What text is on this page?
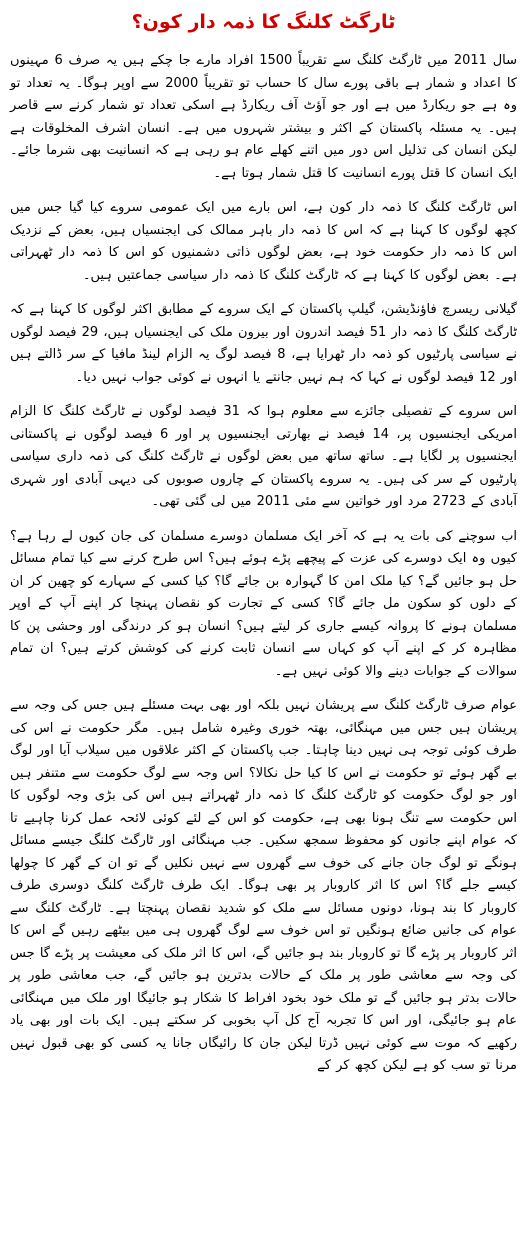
ٹارگٹ کلنگ کا ذمہ دار کون؟

سال 2011 میں ٹارگٹ کلنگ سے تقریباً 1500 افراد مارے جا چکے ہیں یہ صرف 6 مہینوں کا اعداد و شمار ہے باقی پورے سال کا حساب تو تقریباً 2000 سے اوپر ہوگا۔ یہ تعداد تو وہ ہے جو ریکارڈ میں ہے اور جو آؤٹ آف ریکارڈ ہے اسکی تعداد تو شمار کرنے سے قاصر ہیں۔ یہ مسئلہ پاکستان کے اکثر و بیشتر شہروں میں ہے۔ انسان اشرف المخلوقات ہے لیکن انسان کی تذلیل اس دور میں اتنے کھلے عام ہو رہی ہے کہ انسانیت بھی شرما جائے۔ ایک انسان کا قتل پورے انسانیت کا قتل شمار ہوتا ہے۔

اس ٹارگٹ کلنگ کا ذمہ دار کون ہے، اس بارے میں ایک عمومی سروے کیا گیا جس میں کچھ لوگوں کا کہنا ہے کہ اس کا ذمہ دار باہر ممالک کی ایجنسیاں ہیں، بعض کے نزدیک اس کا ذمہ دار حکومت خود ہے، بعض لوگوں ذاتی دشمنیوں کو اس کا ذمہ دار ٹھہراتی ہے۔ بعض لوگوں کا کہنا ہے کہ ٹارگٹ کلنگ کا ذمہ دار سیاسی جماعتیں ہیں۔

گیلانی ریسرچ فاؤنڈیشن، گیلپ پاکستان کے ایک سروے کے مطابق اکثر لوگوں کا کہنا ہے کہ ٹارگٹ کلنگ کا ذمہ دار 51 فیصد اندرون اور بیرون ملک کی ایجنسیاں ہیں، 29 فیصد لوگوں نے سیاسی پارٹیوں کو ذمہ دار ٹھرایا ہے، 8 فیصد لوگ یہ الزام لینڈ مافیا کے سر ڈالتے ہیں اور 12 فیصد لوگوں نے کہا کہ ہم نہیں جانتے یا انہوں نے کوئی جواب نہیں دیا۔

اس سروے کے تفصیلی جائزے سے معلوم ہوا کہ 31 فیصد لوگوں نے ٹارگٹ کلنگ کا الزام امریکی ایجنسیوں پر، 14 فیصد نے بھارتی ایجنسیوں پر اور 6 فیصد لوگوں نے پاکستانی ایجنسیوں پر لگایا ہے۔ ساتھ ساتھ میں بعض لوگوں نے ٹارگٹ کلنگ کی ذمہ داری سیاسی پارٹیوں کے سر کی ہیں۔ یہ سروے پاکستان کے چاروں صوبوں کی دیہی آبادی اور شہری آبادی کے 2723 مرد اور خواتین سے مئی 2011 میں لی گئی تھی۔

اب سوچنے کی بات یہ ہے کہ آخر ایک مسلمان دوسرے مسلمان کی جان کیوں لے رہا ہے؟ کیوں وہ ایک دوسرے کی عزت کے پیچھے پڑے ہوئے ہیں؟ اس طرح کرنے سے کیا تمام مسائل حل ہو جائیں گے؟ کیا ملک امن کا گہوارہ بن جائے گا؟ کیا کسی کے سہارے کو چھین کر ان کے دلوں کو سکون مل جائے گا؟ کسی کے تجارت کو نقصان پہنچا کر اپنے آپ کے اوپر مسلمان ہونے کا پروانہ کیسے جاری کر لیتے ہیں؟ انسان ہو کر درندگی اور وحشی پن کا مظاہرہ کر کے اپنے آپ کو کہاں سے انسان ثابت کرنے کی کوشش کرتے ہیں؟ ان تمام سوالات کے جوابات دینے والا کوئی نہیں ہے۔

عوام صرف ٹارگٹ کلنگ سے پریشان نہیں بلکہ اور بھی بہت مسئلے ہیں جس کی وجہ سے پریشان ہیں جس میں مہنگائی، بھتہ خوری وغیرہ شامل ہیں۔ مگر حکومت نے اس کی طرف کوئی توجہ ہی نہیں دینا چاہتا۔ جب پاکستان کے اکثر علاقوں میں سیلاب آیا اور لوگ بے گھر ہوئے تو حکومت نے اس کا کیا حل نکالا؟ اس وجہ سے لوگ حکومت سے متنفر ہیں اور جو لوگ حکومت کو ٹارگٹ کلنگ کا ذمہ دار ٹھہراتے ہیں اس کی بڑی وجہ لوگوں کا اس حکومت سے تنگ ہونا بھی ہے، حکومت کو اس کے لئے کوئی لائحہ عمل کرنا چاہیے تا کہ عوام اپنے جانوں کو محفوظ سمجھ سکیں۔ جب مہنگائی اور ٹارگٹ کلنگ جیسے مسائل ہونگے تو لوگ جان جانے کی خوف سے گھروں سے نہیں نکلیں گے تو ان کے گھر کا چولھا کیسے جلے گا؟ اس کا اثر کاروبار پر بھی ہوگا۔ ایک طرف ٹارگٹ کلنگ دوسری طرف کاروبار کا بند ہونا، دونوں مسائل سے ملک کو شدید نقصان پہنچتا ہے۔ ٹارگٹ کلنگ سے عوام کی جانیں ضائع ہونگیں تو اس خوف سے لوگ گھروں ہی میں بیٹھے رہیں گے اس کا اثر کاروبار پر پڑے گا تو کاروبار بند ہو جائیں گے، اس کا اثر ملک کی معیشت پر پڑے گا جس کی وجہ سے معاشی طور پر ملک کے حالات بدترین ہو جائیں گے، جب معاشی طور پر حالات بدتر ہو جائیں گے تو ملک خود بخود افراط کا شکار ہو جائیگا اور ملک میں مہنگائی عام ہو جائیگی، اور اس کا تجربہ آج کل آپ بخوبی کر سکتے ہیں۔ ایک بات اور بھی یاد رکھیے کہ موت سے کوئی نہیں ڈرتا لیکن جان کا رائیگاں جانا یہ کسی کو بھی قبول نہیں مرنا تو سب کو ہے لیکن کچھ کر کے
